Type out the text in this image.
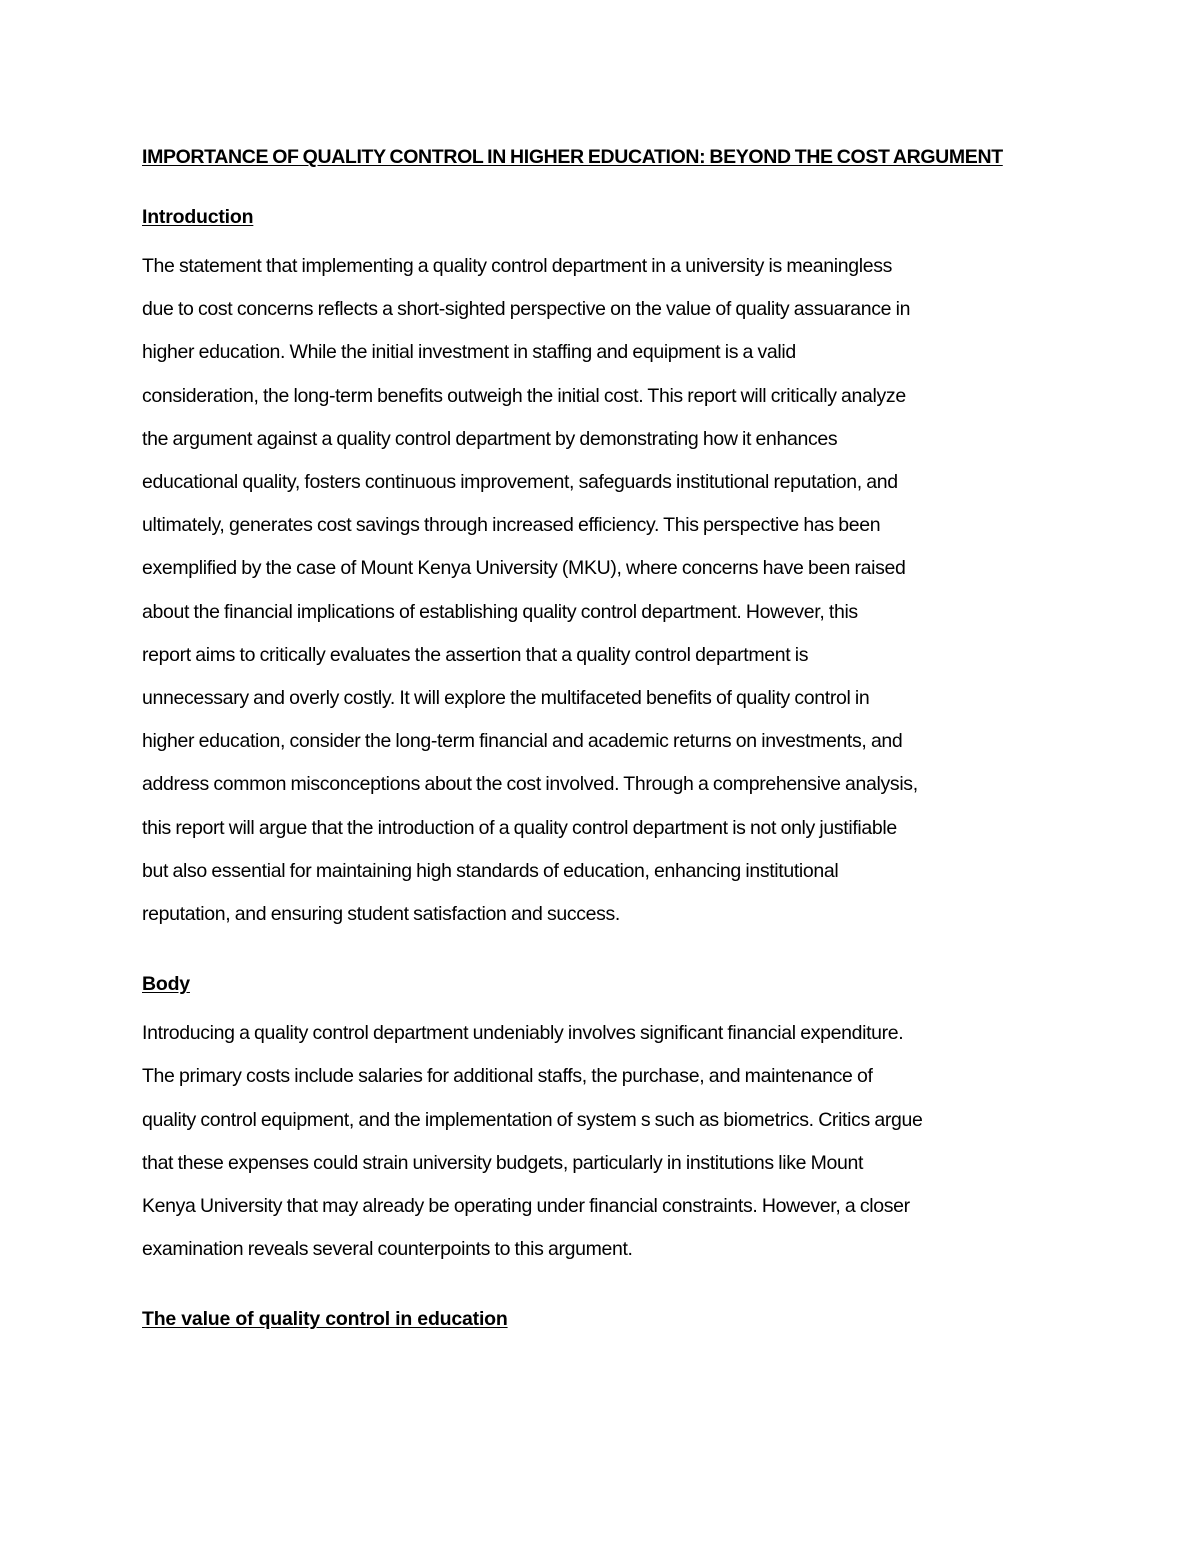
IMPORTANCE OF QUALITY CONTROL IN HIGHER EDUCATION: BEYOND THE COST ARGUMENT
Introduction

The statement that implementing a quality control department in a university is meaningless
due to cost concerns reflects a short-sighted perspective on the value of quality assuarance in
higher education. While the initial investment in staffing and equipment is a valid
consideration, the long-term benefits outweigh the initial cost. This report will critically analyze
the argument against a quality control department by demonstrating how it enhances
educational quality, fosters continuous improvement, safeguards institutional reputation, and
ultimately, generates cost savings through increased efficiency. This perspective has been
exemplified by the case of Mount Kenya University (MKU), where concerns have been raised
about the financial implications of establishing quality control department. However, this
report aims to critically evaluates the assertion that a quality control department is
unnecessary and overly costly. It will explore the multifaceted benefits of quality control in
higher education, consider the long-term financial and academic returns on investments, and
address common misconceptions about the cost involved. Through a comprehensive analysis,
this report will argue that the introduction of a quality control department is not only justifiable
but also essential for maintaining high standards of education, enhancing institutional
reputation, and ensuring student satisfaction and success.

Body

Introducing a quality control department undeniably involves significant financial expenditure.
The primary costs include salaries for additional staffs, the purchase, and maintenance of
quality control equipment, and the implementation of system s such as biometrics. Critics argue
that these expenses could strain university budgets, particularly in institutions like Mount
Kenya University that may already be operating under financial constraints. However, a closer
examination reveals several counterpoints to this argument.

The value of quality control in education
